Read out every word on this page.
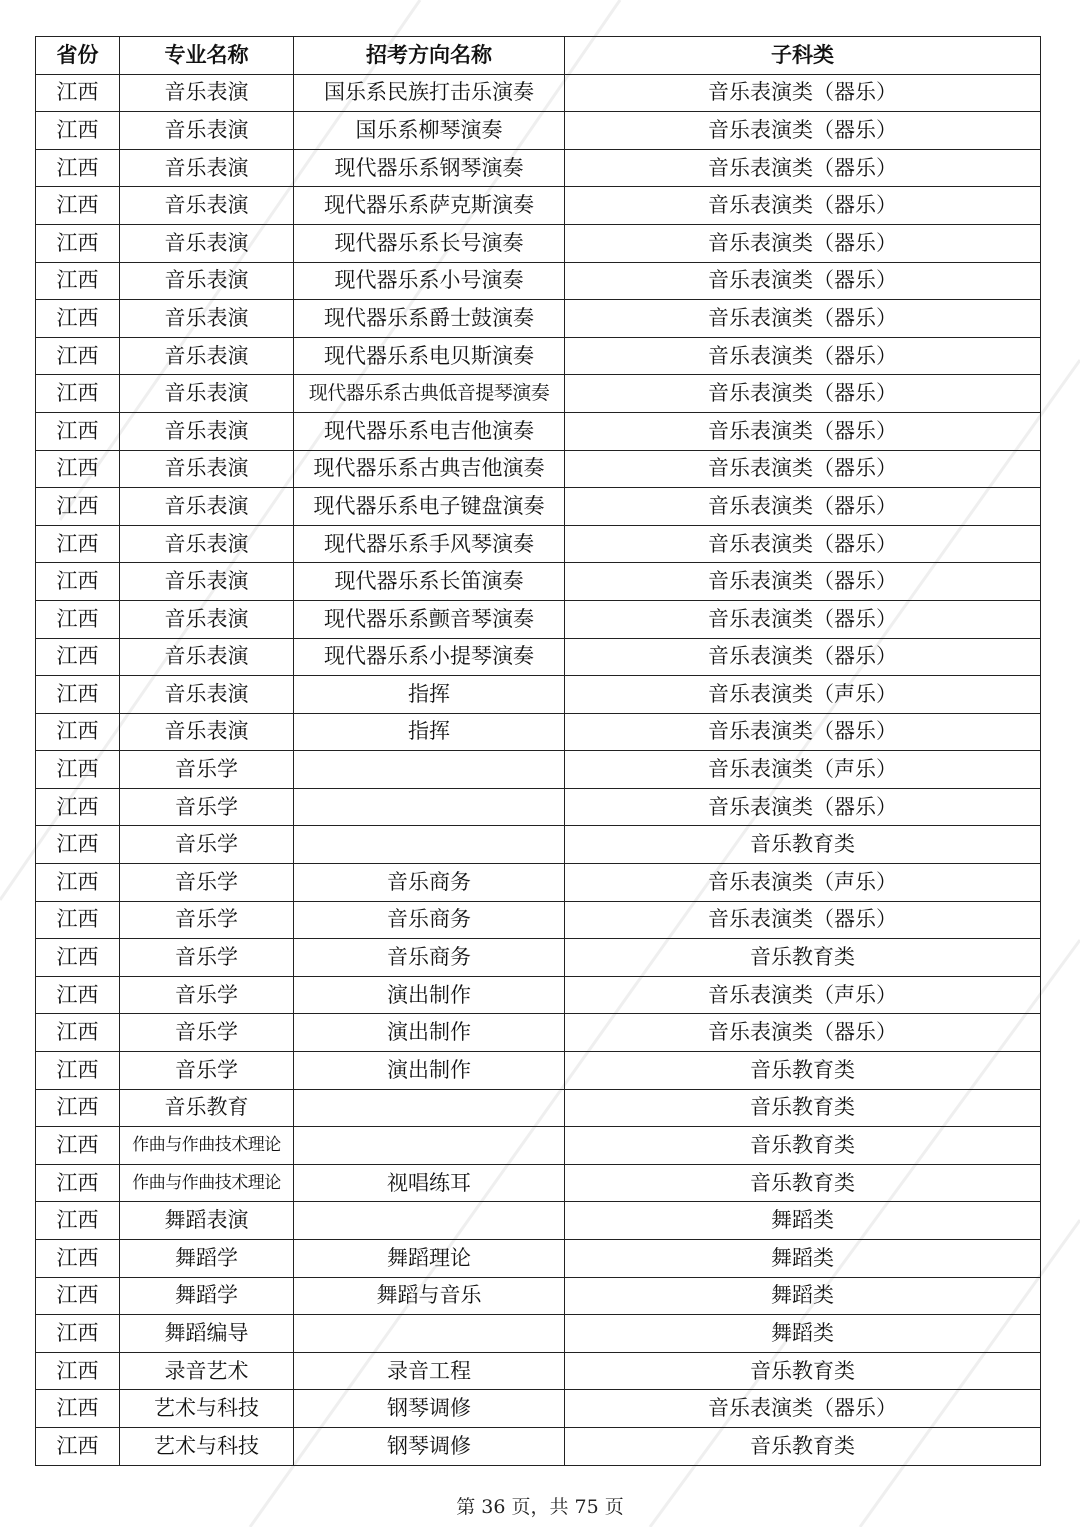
省份	专业名称	招考方向名称	子科类
江西	音乐表演	国乐系民族打击乐演奏	音乐表演类（器乐）
江西	音乐表演	国乐系柳琴演奏	音乐表演类（器乐）
江西	音乐表演	现代器乐系钢琴演奏	音乐表演类（器乐）
江西	音乐表演	现代器乐系萨克斯演奏	音乐表演类（器乐）
江西	音乐表演	现代器乐系长号演奏	音乐表演类（器乐）
江西	音乐表演	现代器乐系小号演奏	音乐表演类（器乐）
江西	音乐表演	现代器乐系爵士鼓演奏	音乐表演类（器乐）
江西	音乐表演	现代器乐系电贝斯演奏	音乐表演类（器乐）
江西	音乐表演	现代器乐系古典低音提琴演奏	音乐表演类（器乐）
江西	音乐表演	现代器乐系电吉他演奏	音乐表演类（器乐）
江西	音乐表演	现代器乐系古典吉他演奏	音乐表演类（器乐）
江西	音乐表演	现代器乐系电子键盘演奏	音乐表演类（器乐）
江西	音乐表演	现代器乐系手风琴演奏	音乐表演类（器乐）
江西	音乐表演	现代器乐系长笛演奏	音乐表演类（器乐）
江西	音乐表演	现代器乐系颤音琴演奏	音乐表演类（器乐）
江西	音乐表演	现代器乐系小提琴演奏	音乐表演类（器乐）
江西	音乐表演	指挥	音乐表演类（声乐）
江西	音乐表演	指挥	音乐表演类（器乐）
江西	音乐学		音乐表演类（声乐）
江西	音乐学		音乐表演类（器乐）
江西	音乐学		音乐教育类
江西	音乐学	音乐商务	音乐表演类（声乐）
江西	音乐学	音乐商务	音乐表演类（器乐）
江西	音乐学	音乐商务	音乐教育类
江西	音乐学	演出制作	音乐表演类（声乐）
江西	音乐学	演出制作	音乐表演类（器乐）
江西	音乐学	演出制作	音乐教育类
江西	音乐教育		音乐教育类
江西	作曲与作曲技术理论		音乐教育类
江西	作曲与作曲技术理论	视唱练耳	音乐教育类
江西	舞蹈表演		舞蹈类
江西	舞蹈学	舞蹈理论	舞蹈类
江西	舞蹈学	舞蹈与音乐	舞蹈类
江西	舞蹈编导		舞蹈类
江西	录音艺术	录音工程	音乐教育类
江西	艺术与科技	钢琴调修	音乐表演类（器乐）
江西	艺术与科技	钢琴调修	音乐教育类
第 36 页，共 75 页
